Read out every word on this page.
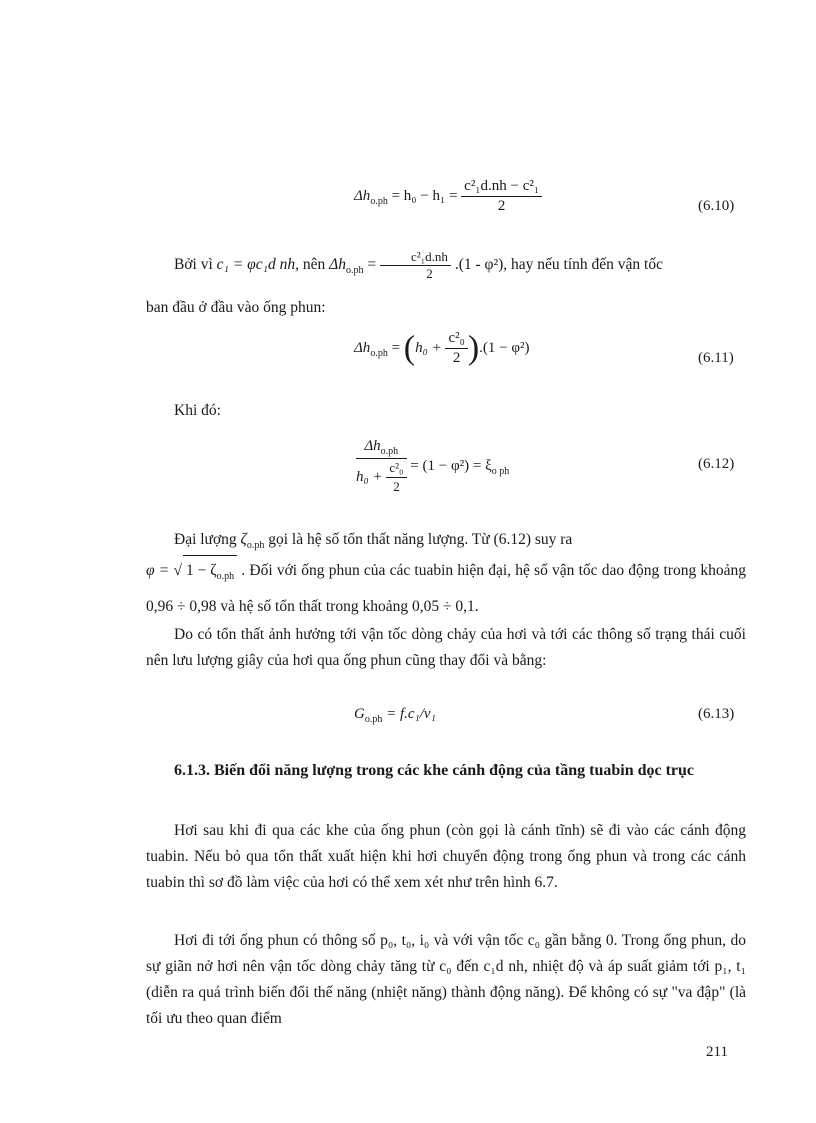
$\Delta h_{o.ph} = h_0 - h_1 = \frac{\text{c²₁d.nh − c²₁}}{2}$	(6.10)
Bởi vì c₁ = φc₁d nh, nên $\Delta h_{o.ph} = \frac{\text{c²₁d.nh}}{2} .(1 - \varphi^2)$, hay nếu tính đến vận tốc
ban đầu ở đầu vào ống phun:
$\Delta h_{o.ph} = (h_0 + \frac{\text{c²₀}}{2} ).(1 - \varphi^2)$
(6.11)
Khi đó:
$\frac{\Delta h_{o.ph}}{h_0 + \frac{\text{c²₀}}{2}} = (1 - \varphi^2) = \xi_{o ph}$	(6.12)
Đại lượng $\zeta_{o.ph}$ gọi là hệ số tổn thất năng lượng. Từ (6.12) suy ra
φ = √ $1 - \zeta_{o.ph}$ . Đối với ống phun của các tuabin hiện đại, hệ số vận tốc dao động trong khoảng 0,96 ÷ 0,98 và hệ số tổn thất trong khoảng 0,05 ÷ 0,1.
Do có tổn thất ảnh hưởng tới vận tốc dòng chảy của hơi và tới các thông số trạng thái cuối nên lưu lượng giây của hơi qua ống phun cũng thay đổi và bằng:
$G_{o.ph} = f.c_1/v_1$	(6.13)
6.1.3. Biến đổi năng lượng trong các khe cánh động của tầng tuabin dọc trục
Hơi sau khi đi qua các khe của ống phun (còn gọi là cánh tĩnh) sẽ đi vào các cánh động tuabin. Nếu bỏ qua tổn thất xuất hiện khi hơi chuyển động trong ống phun và trong các cánh tuabin thì sơ đồ làm việc của hơi có thể xem xét như trên hình 6.7.
Hơi đi tới ống phun có thông số p₀, t₀, i₀ và với vận tốc c₀ gần bằng 0. Trong ống phun, do sự giãn nở hơi nên vận tốc dòng chảy tăng từ c₀ đến c₁d nh, nhiệt độ và áp suất giảm tới p₁, t₁ (diễn ra quá trình biến đổi thế năng (nhiệt năng) thành động năng). Để không có sự "va đập" (là tối ưu theo quan điểm
211
